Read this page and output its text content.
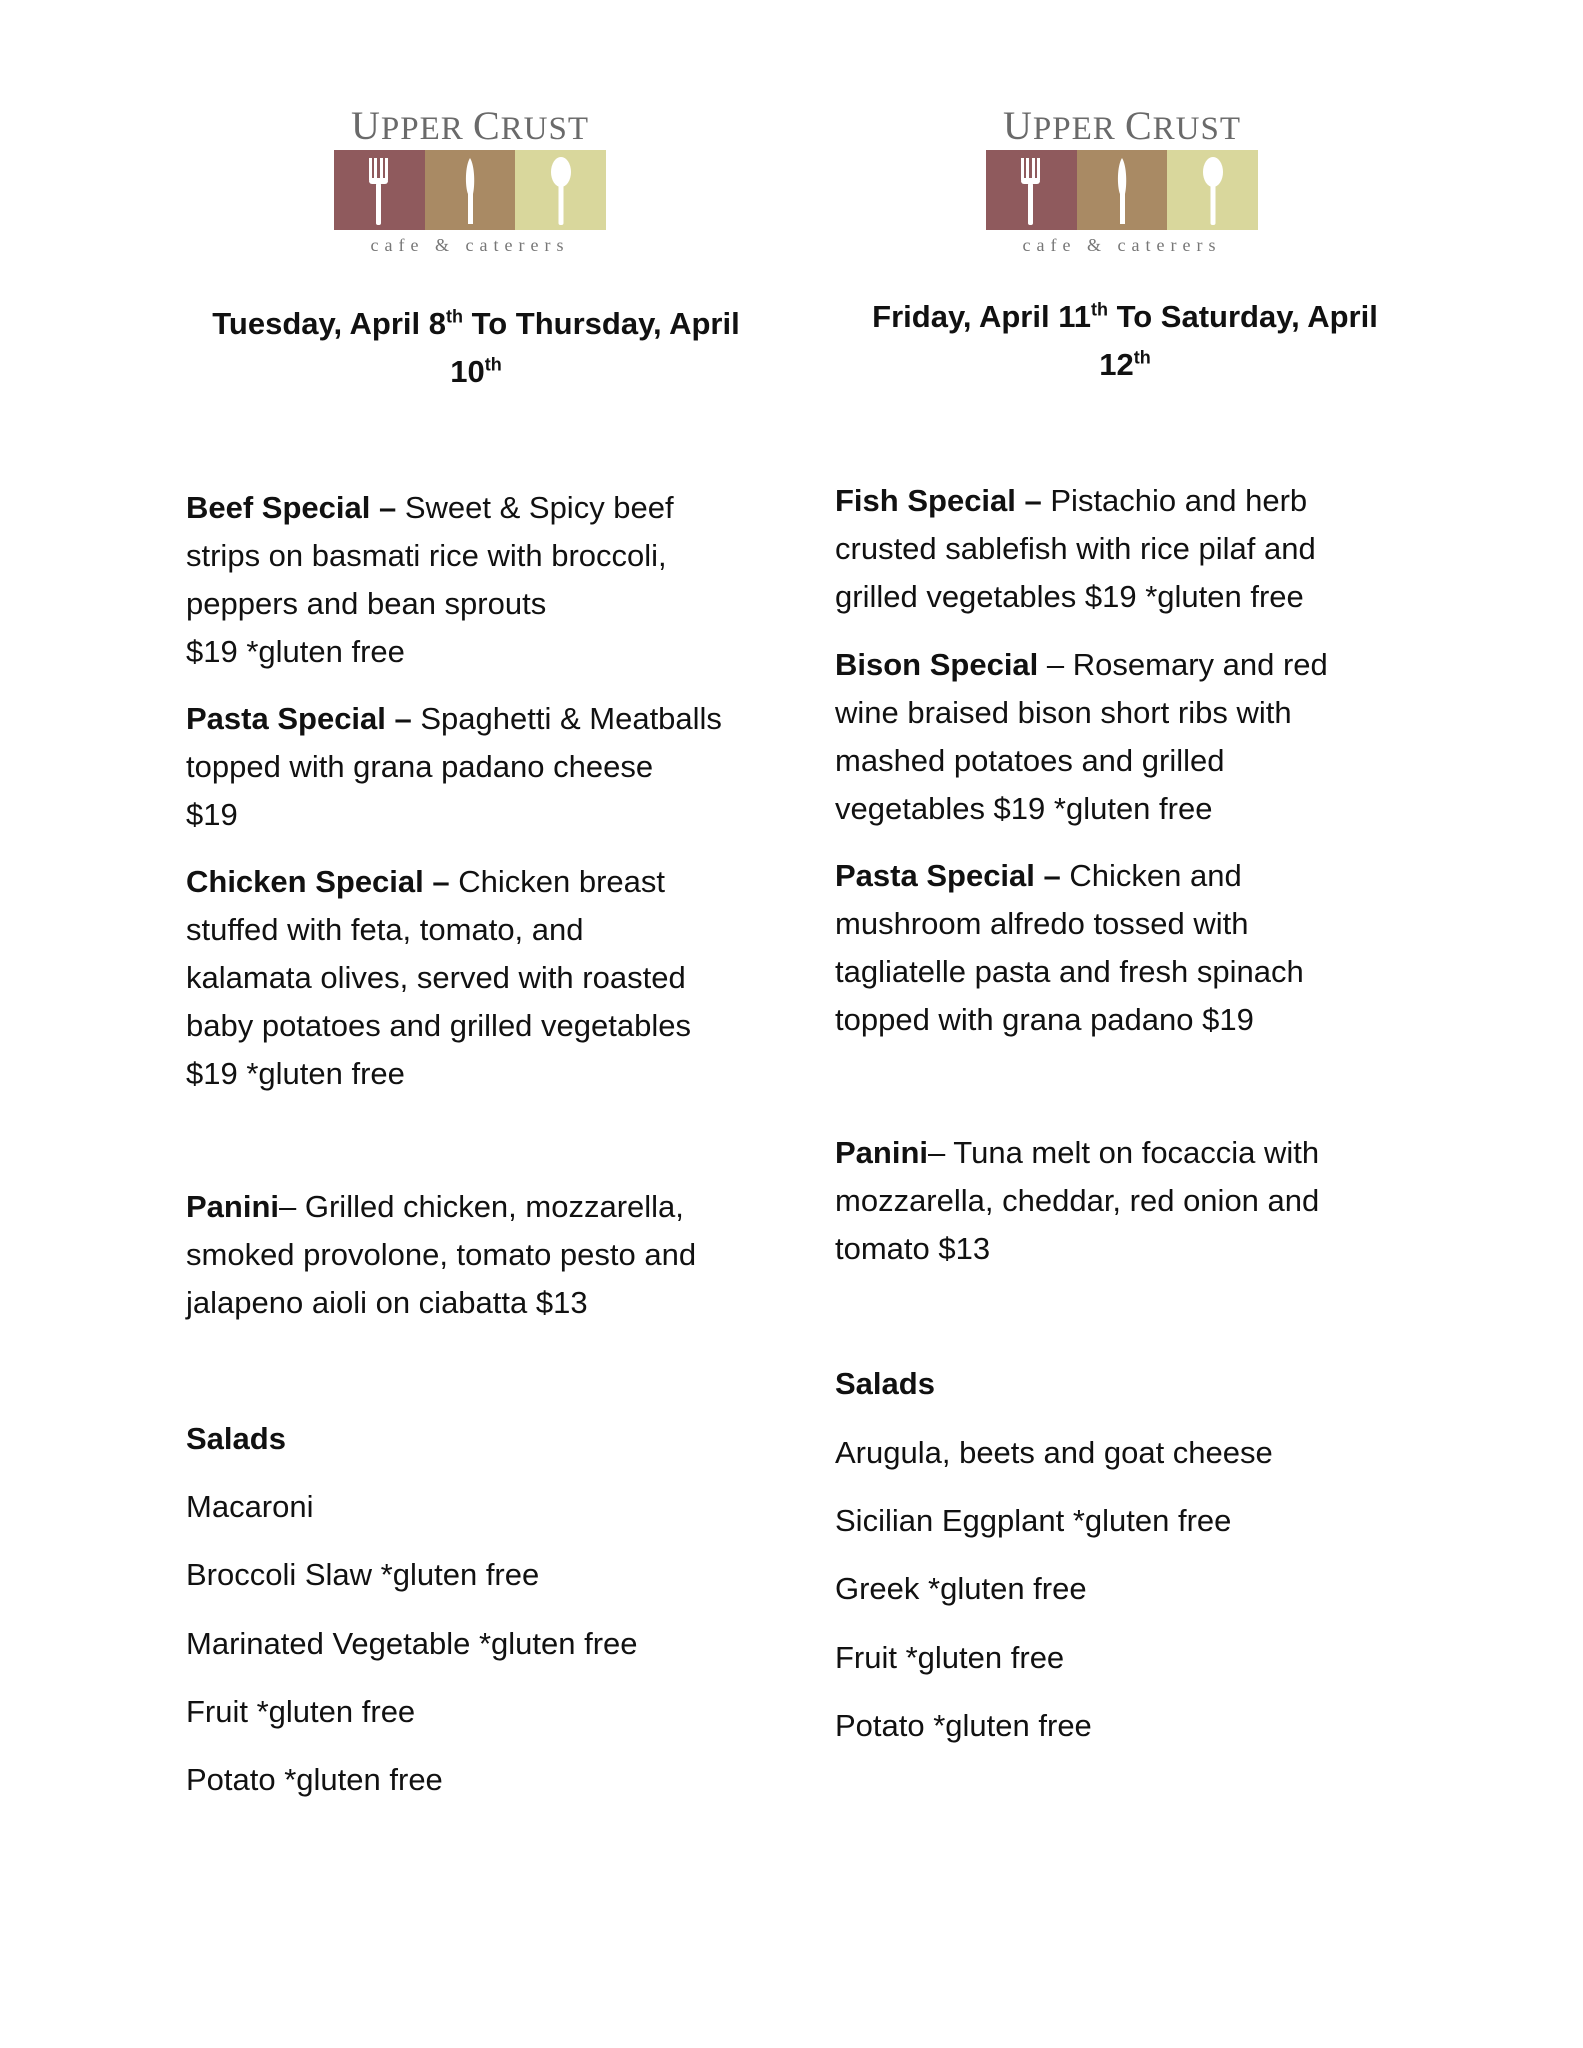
UPPER CRUST
cafe & caterers
Tuesday, April 8th To Thursday, April
10th
Beef Special – Sweet & Spicy beef
strips on basmati rice with broccoli,
peppers and bean sprouts
$19 *gluten free
Pasta Special – Spaghetti & Meatballs
topped with grana padano cheese
$19
Chicken Special – Chicken breast
stuffed with feta, tomato, and
kalamata olives, served with roasted
baby potatoes and grilled vegetables
$19 *gluten free
Panini– Grilled chicken, mozzarella,
smoked provolone, tomato pesto and
jalapeno aioli on ciabatta $13
Salads
Macaroni
Broccoli Slaw *gluten free
Marinated Vegetable *gluten free
Fruit *gluten free
Potato *gluten free
UPPER CRUST
cafe & caterers
Friday, April 11th To Saturday, April
12th
Fish Special – Pistachio and herb
crusted sablefish with rice pilaf and
grilled vegetables $19 *gluten free
Bison Special – Rosemary and red
wine braised bison short ribs with
mashed potatoes and grilled
vegetables $19 *gluten free
Pasta Special – Chicken and
mushroom alfredo tossed with
tagliatelle pasta and fresh spinach
topped with grana padano $19
Panini– Tuna melt on focaccia with
mozzarella, cheddar, red onion and
tomato $13
Salads
Arugula, beets and goat cheese
Sicilian Eggplant *gluten free
Greek *gluten free
Fruit *gluten free
Potato *gluten free
